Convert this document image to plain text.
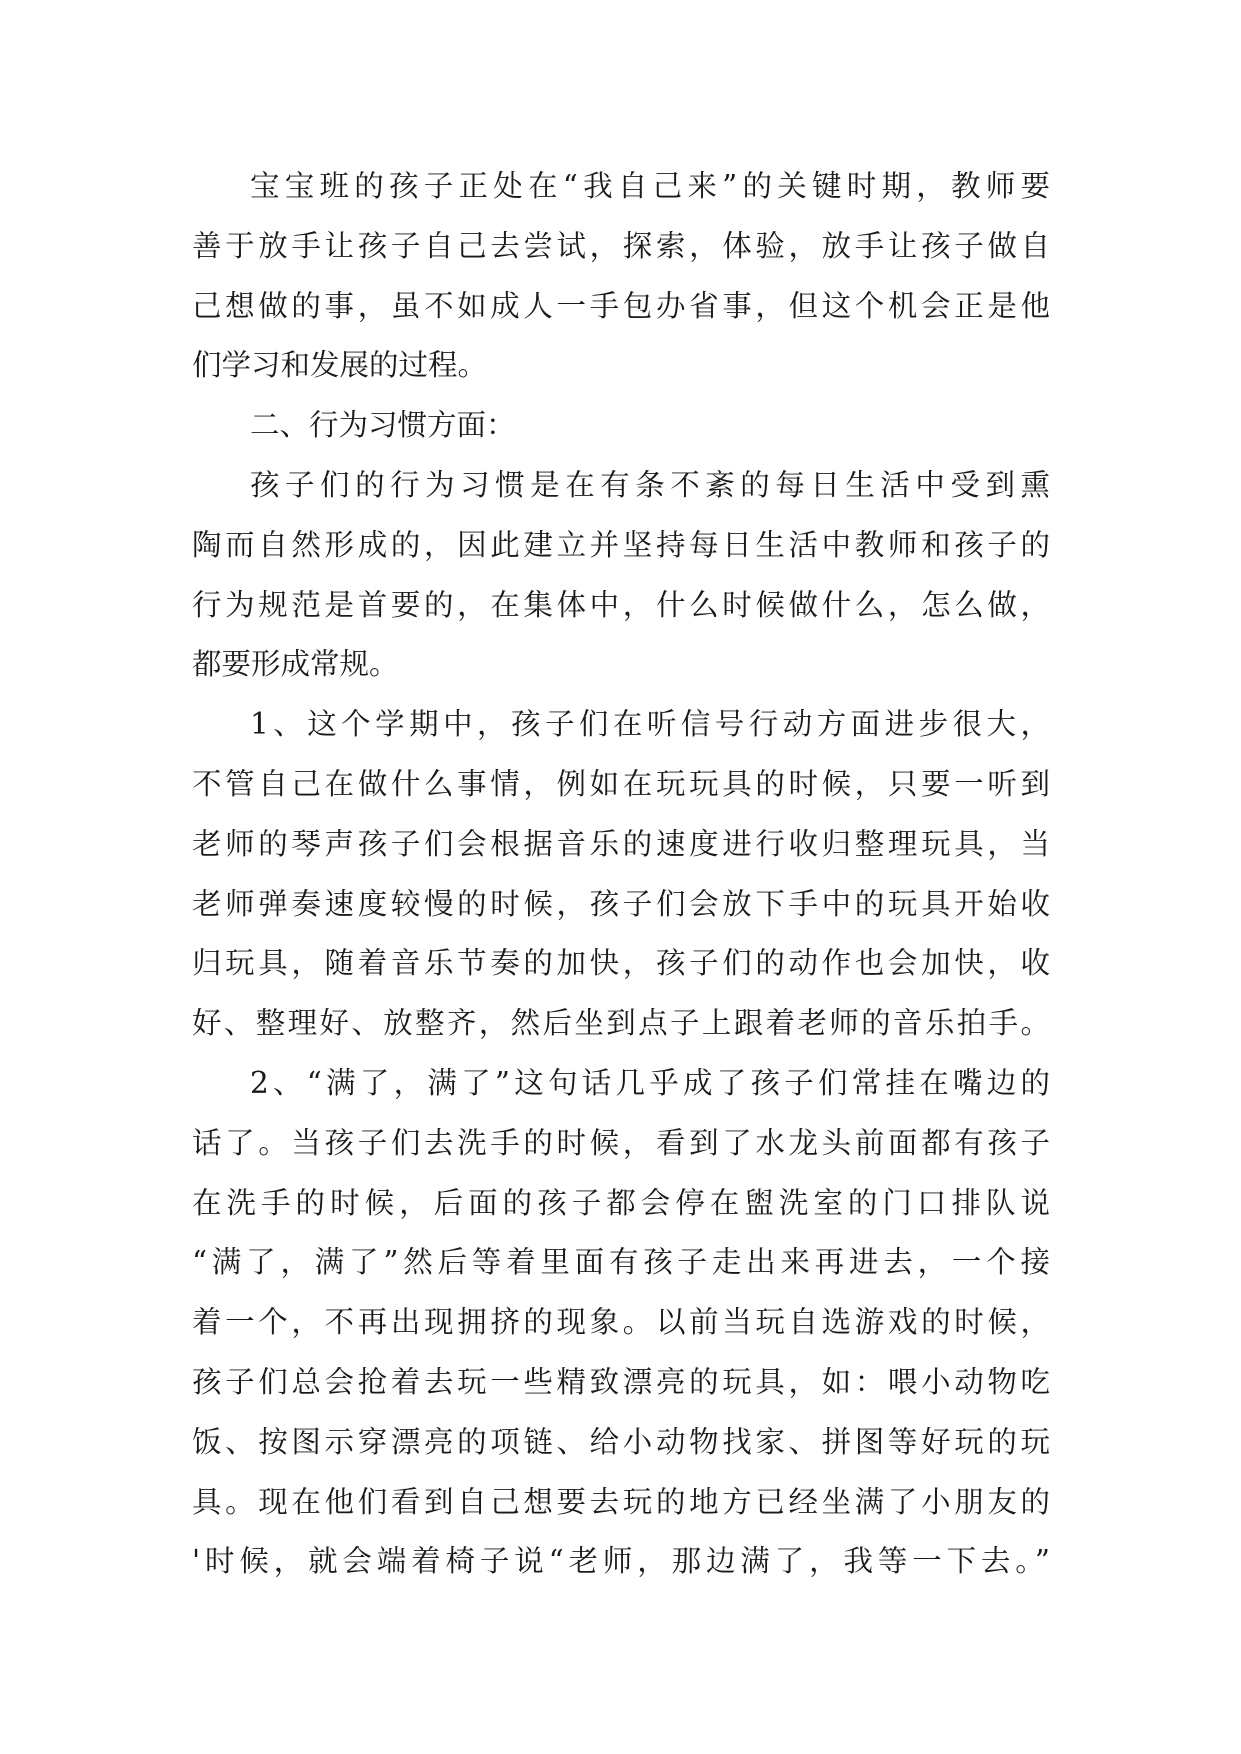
宝宝班的孩子正处在“我自己来”的关键时期，教师要
善于放手让孩子自己去尝试，探索，体验，放手让孩子做自
己想做的事，虽不如成人一手包办省事，但这个机会正是他
们学习和发展的过程。
二、行为习惯方面：
孩子们的行为习惯是在有条不紊的每日生活中受到熏
陶而自然形成的，因此建立并坚持每日生活中教师和孩子的
行为规范是首要的，在集体中，什么时候做什么，怎么做，
都要形成常规。
1、这个学期中，孩子们在听信号行动方面进步很大，
不管自己在做什么事情，例如在玩玩具的时候，只要一听到
老师的琴声孩子们会根据音乐的速度进行收归整理玩具，当
老师弹奏速度较慢的时候，孩子们会放下手中的玩具开始收
归玩具，随着音乐节奏的加快，孩子们的动作也会加快，收
好、整理好、放整齐，然后坐到点子上跟着老师的音乐拍手。
2、“满了，满了”这句话几乎成了孩子们常挂在嘴边的
话了。当孩子们去洗手的时候，看到了水龙头前面都有孩子
在洗手的时候，后面的孩子都会停在盥洗室的门口排队说
“满了，满了”然后等着里面有孩子走出来再进去，一个接
着一个，不再出现拥挤的现象。以前当玩自选游戏的时候，
孩子们总会抢着去玩一些精致漂亮的玩具，如：喂小动物吃
饭、按图示穿漂亮的项链、给小动物找家、拼图等好玩的玩
具。现在他们看到自己想要去玩的地方已经坐满了小朋友的
'时候，就会端着椅子说“老师，那边满了，我等一下去。”
